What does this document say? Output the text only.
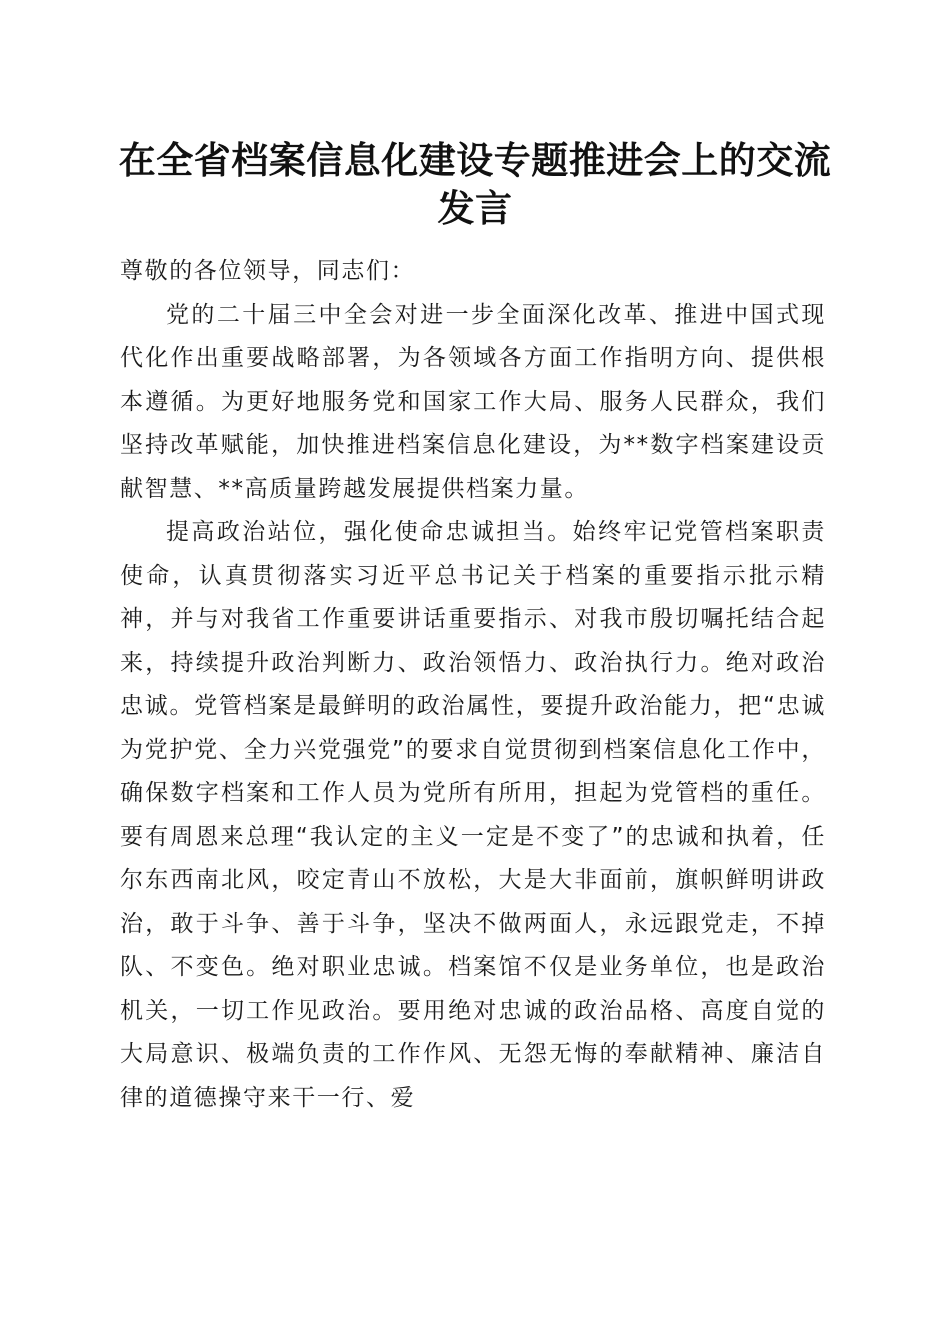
在全省档案信息化建设专题推进会上的交流发言

尊敬的各位领导，同志们：

党的二十届三中全会对进一步全面深化改革、推进中国式现代化作出重要战略部署，为各领域各方面工作指明方向、提供根本遵循。为更好地服务党和国家工作大局、服务人民群众，我们坚持改革赋能，加快推进档案信息化建设，为**数字档案建设贡献智慧、**高质量跨越发展提供档案力量。

提高政治站位，强化使命忠诚担当。始终牢记党管档案职责使命，认真贯彻落实习近平总书记关于档案的重要指示批示精神，并与对我省工作重要讲话重要指示、对我市殷切嘱托结合起来，持续提升政治判断力、政治领悟力、政治执行力。绝对政治忠诚。党管档案是最鲜明的政治属性，要提升政治能力，把“忠诚为党护党、全力兴党强党”的要求自觉贯彻到档案信息化工作中，确保数字档案和工作人员为党所有所用，担起为党管档的重任。要有周恩来总理“我认定的主义一定是不变了”的忠诚和执着，任尔东西南北风，咬定青山不放松，大是大非面前，旗帜鲜明讲政治，敢于斗争、善于斗争，坚决不做两面人，永远跟党走，不掉队、不变色。绝对职业忠诚。档案馆不仅是业务单位，也是政治机关，一切工作见政治。要用绝对忠诚的政治品格、高度自觉的大局意识、极端负责的工作作风、无怨无悔的奉献精神、廉洁自律的道德操守来干一行、爱
